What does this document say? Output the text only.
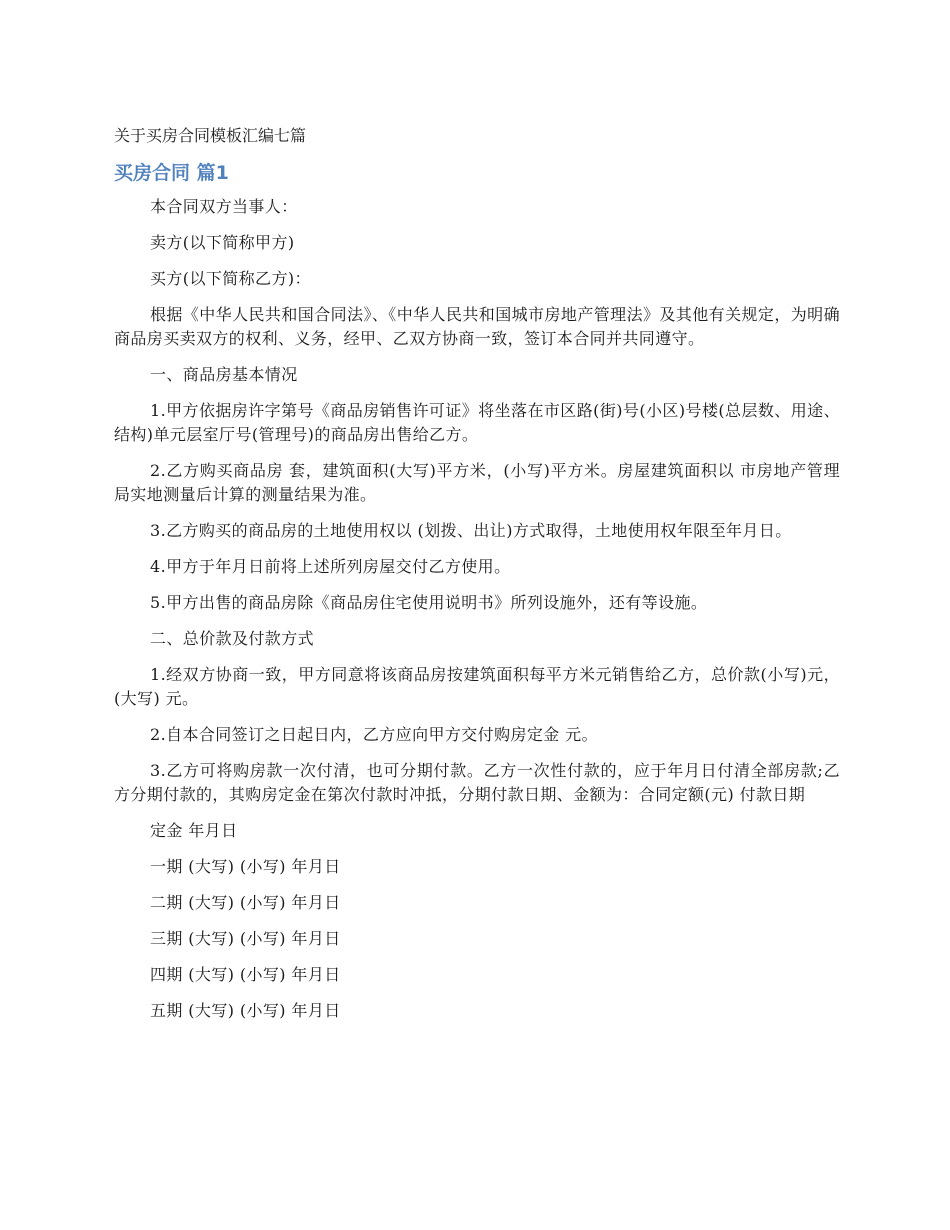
关于买房合同模板汇编七篇
买房合同 篇1

本合同双方当事人：

卖方(以下简称甲方)

买方(以下简称乙方)：

根据《中华人民共和国合同法》、《中华人民共和国城市房地产管理法》及其他有关规定，为明确商品房买卖双方的权利、义务，经甲、乙双方协商一致，签订本合同并共同遵守。

一、商品房基本情况

1.甲方依据房许字第号《商品房销售许可证》将坐落在市区路(街)号(小区)号楼(总层数、用途、结构)单元层室厅号(管理号)的商品房出售给乙方。

2.乙方购买商品房 套，建筑面积(大写)平方米，(小写)平方米。房屋建筑面积以 市房地产管理局实地测量后计算的测量结果为准。

3.乙方购买的商品房的土地使用权以 (划拨、出让)方式取得，土地使用权年限至年月日。

4.甲方于年月日前将上述所列房屋交付乙方使用。

5.甲方出售的商品房除《商品房住宅使用说明书》所列设施外，还有等设施。

二、总价款及付款方式

1.经双方协商一致，甲方同意将该商品房按建筑面积每平方米元销售给乙方，总价款(小写)元，(大写) 元。

2.自本合同签订之日起日内，乙方应向甲方交付购房定金 元。

3.乙方可将购房款一次付清，也可分期付款。乙方一次性付款的，应于年月日付清全部房款;乙方分期付款的，其购房定金在第次付款时冲抵，分期付款日期、金额为：合同定额(元) 付款日期

定金 年月日

一期 (大写) (小写) 年月日

二期 (大写) (小写) 年月日

三期 (大写) (小写) 年月日

四期 (大写) (小写) 年月日

五期 (大写) (小写) 年月日
